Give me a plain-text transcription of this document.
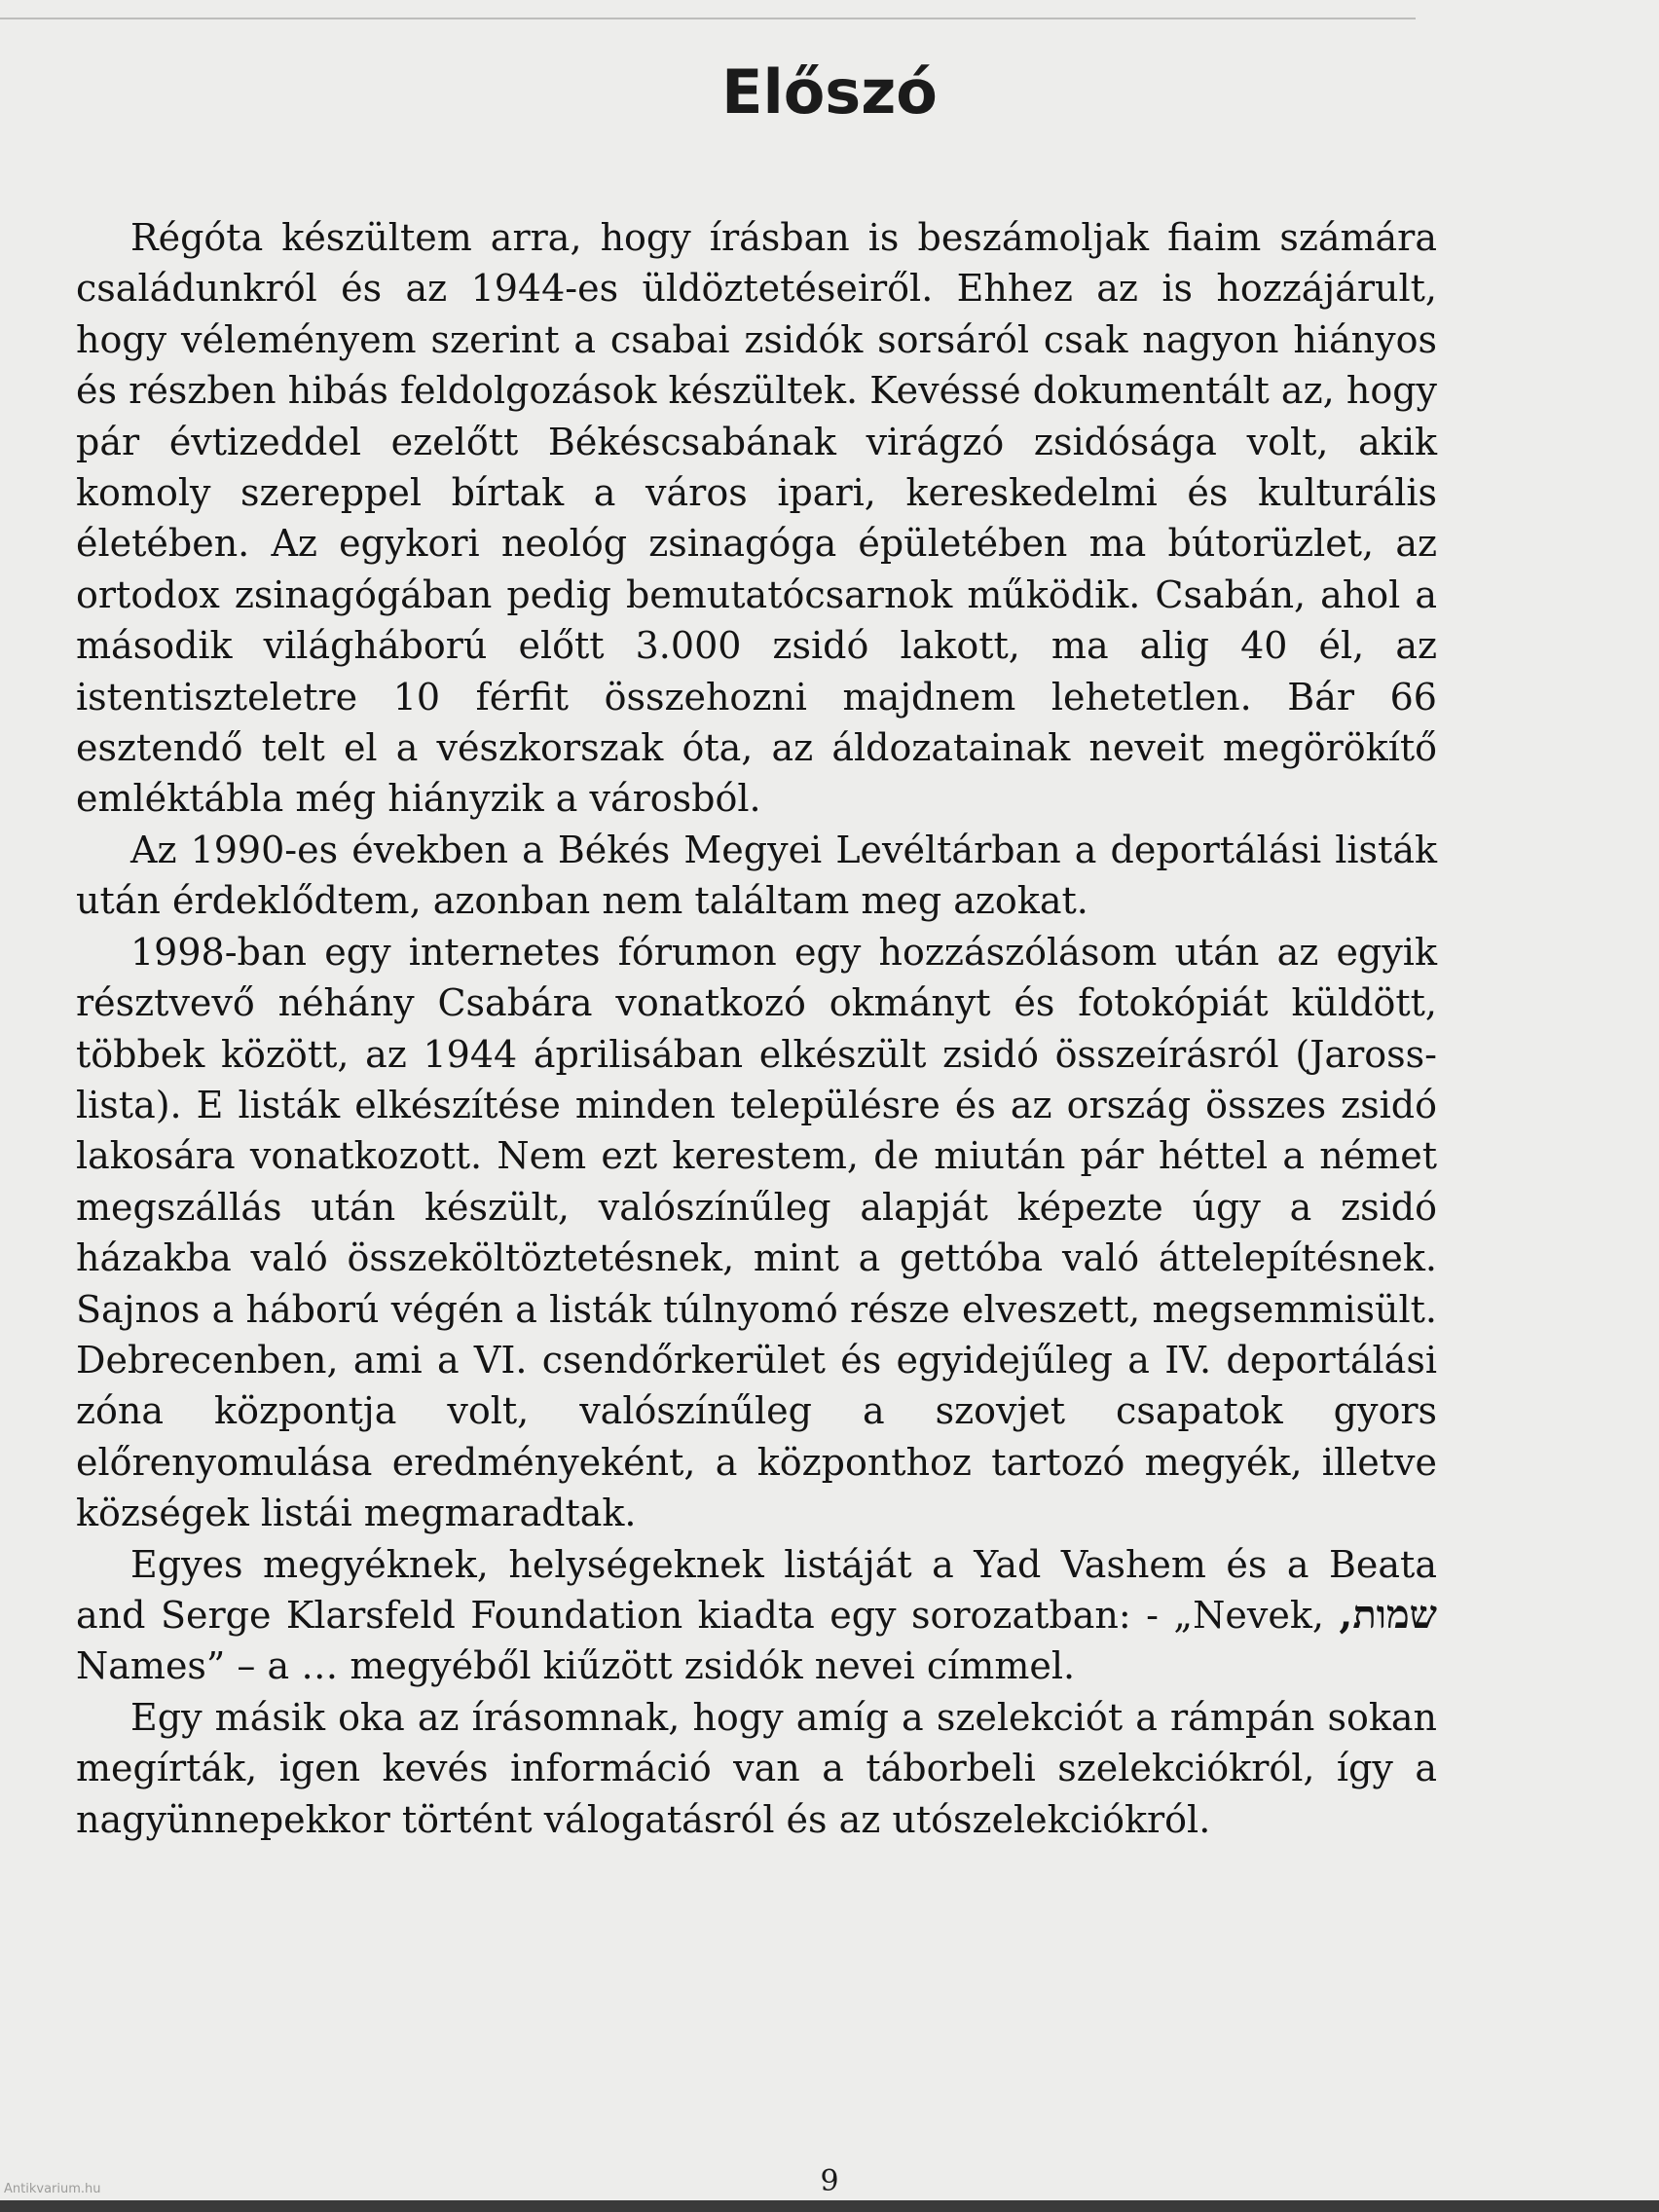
Előszó

Régóta készültem arra, hogy írásban is beszámoljak fiaim számára családunkról és az 1944-es üldöztetéseiről. Ehhez az is hozzájárult, hogy véleményem szerint a csabai zsidók sorsáról csak nagyon hiányos és részben hibás feldolgozások készültek. Kevéssé dokumentált az, hogy pár évtizeddel ezelőtt Békéscsabának virágzó zsidósága volt, akik komoly szereppel bírtak a város ipari, kereskedelmi és kulturális életében. Az egykori neológ zsinagóga épületében ma bútorüzlet, az ortodox zsinagógában pedig bemutatócsarnok működik. Csabán, ahol a második világháború előtt 3.000 zsidó lakott, ma alig 40 él, az istentiszteletre 10 férfit összehozni majdnem lehetetlen. Bár 66 esztendő telt el a vészkorszak óta, az áldozatainak neveit megörökítő emléktábla még hiányzik a városból.

Az 1990-es években a Békés Megyei Levéltárban a deportálási listák után érdeklődtem, azonban nem találtam meg azokat.

1998-ban egy internetes fórumon egy hozzászólásom után az egyik résztvevő néhány Csabára vonatkozó okmányt és fotokópiát küldött, többek között, az 1944 áprilisában elkészült zsidó összeírásról (Jaross-lista). E listák elkészítése minden településre és az ország összes zsidó lakosára vonatkozott. Nem ezt kerestem, de miután pár héttel a német megszállás után készült, valószínűleg alapját képezte úgy a zsidó házakba való összeköltöztetésnek, mint a gettóba való áttelepítésnek. Sajnos a háború végén a listák túlnyomó része elveszett, megsemmisült. Debrecenben, ami a VI. csendőrkerület és egyidejűleg a IV. deportálási zóna központja volt, valószínűleg a szovjet csapatok gyors előrenyomulása eredményeként, a központhoz tartozó megyék, illetve községek listái megmaradtak.

Egyes megyéknek, helységeknek listáját a Yad Vashem és a Beata and Serge Klarsfeld Foundation kiadta egy sorozatban: - „Nevek, שמות, Names” – a … megyéből kiűzött zsidók nevei címmel.

Egy másik oka az írásomnak, hogy amíg a szelekciót a rámpán sokan megírták, igen kevés információ van a táborbeli szelekciókról, így a nagyünnepekkor történt válogatásról és az utószelekciókról.

9
Antikvarium.hu
